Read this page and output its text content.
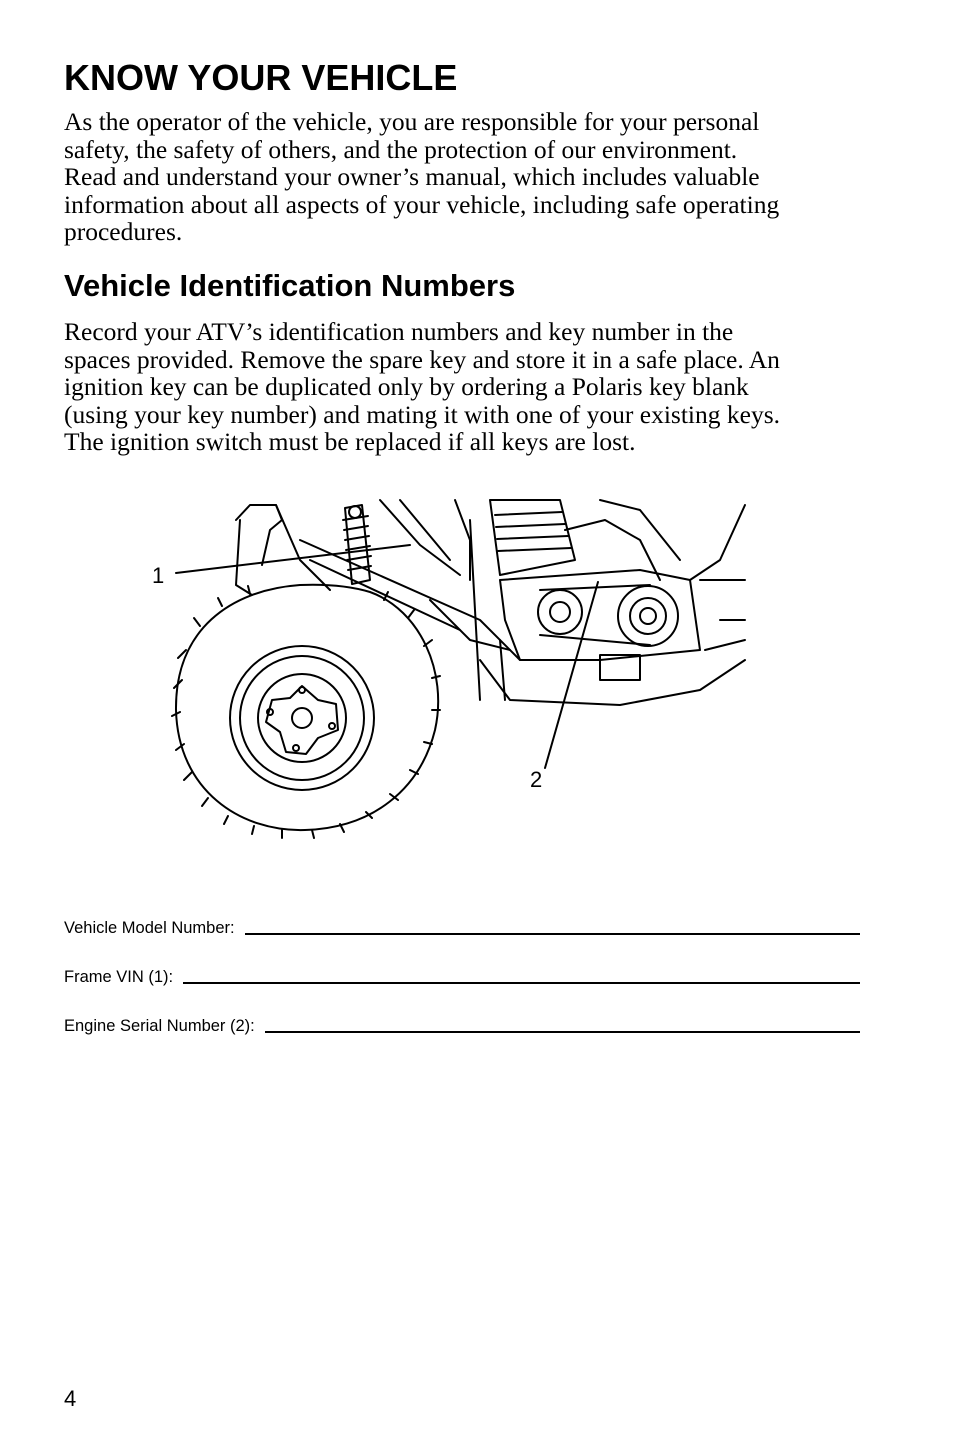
KNOW YOUR VEHICLE
As the operator of the vehicle, you are responsible for your personal
safety, the safety of others, and the protection of our environment.
Read and understand your owner’s manual, which includes valuable
information about all aspects of your vehicle, including safe operating
procedures.
Vehicle Identification Numbers
Record your ATV’s identification numbers and key number in the
spaces provided. Remove the spare key and store it in a safe place. An
ignition key can be duplicated only by ordering a Polaris key blank
(using your key number) and mating it with one of your existing keys.
The ignition switch must be replaced if all keys are lost.
1
2
Vehicle Model Number:
Frame VIN (1):
Engine Serial Number (2):
4
